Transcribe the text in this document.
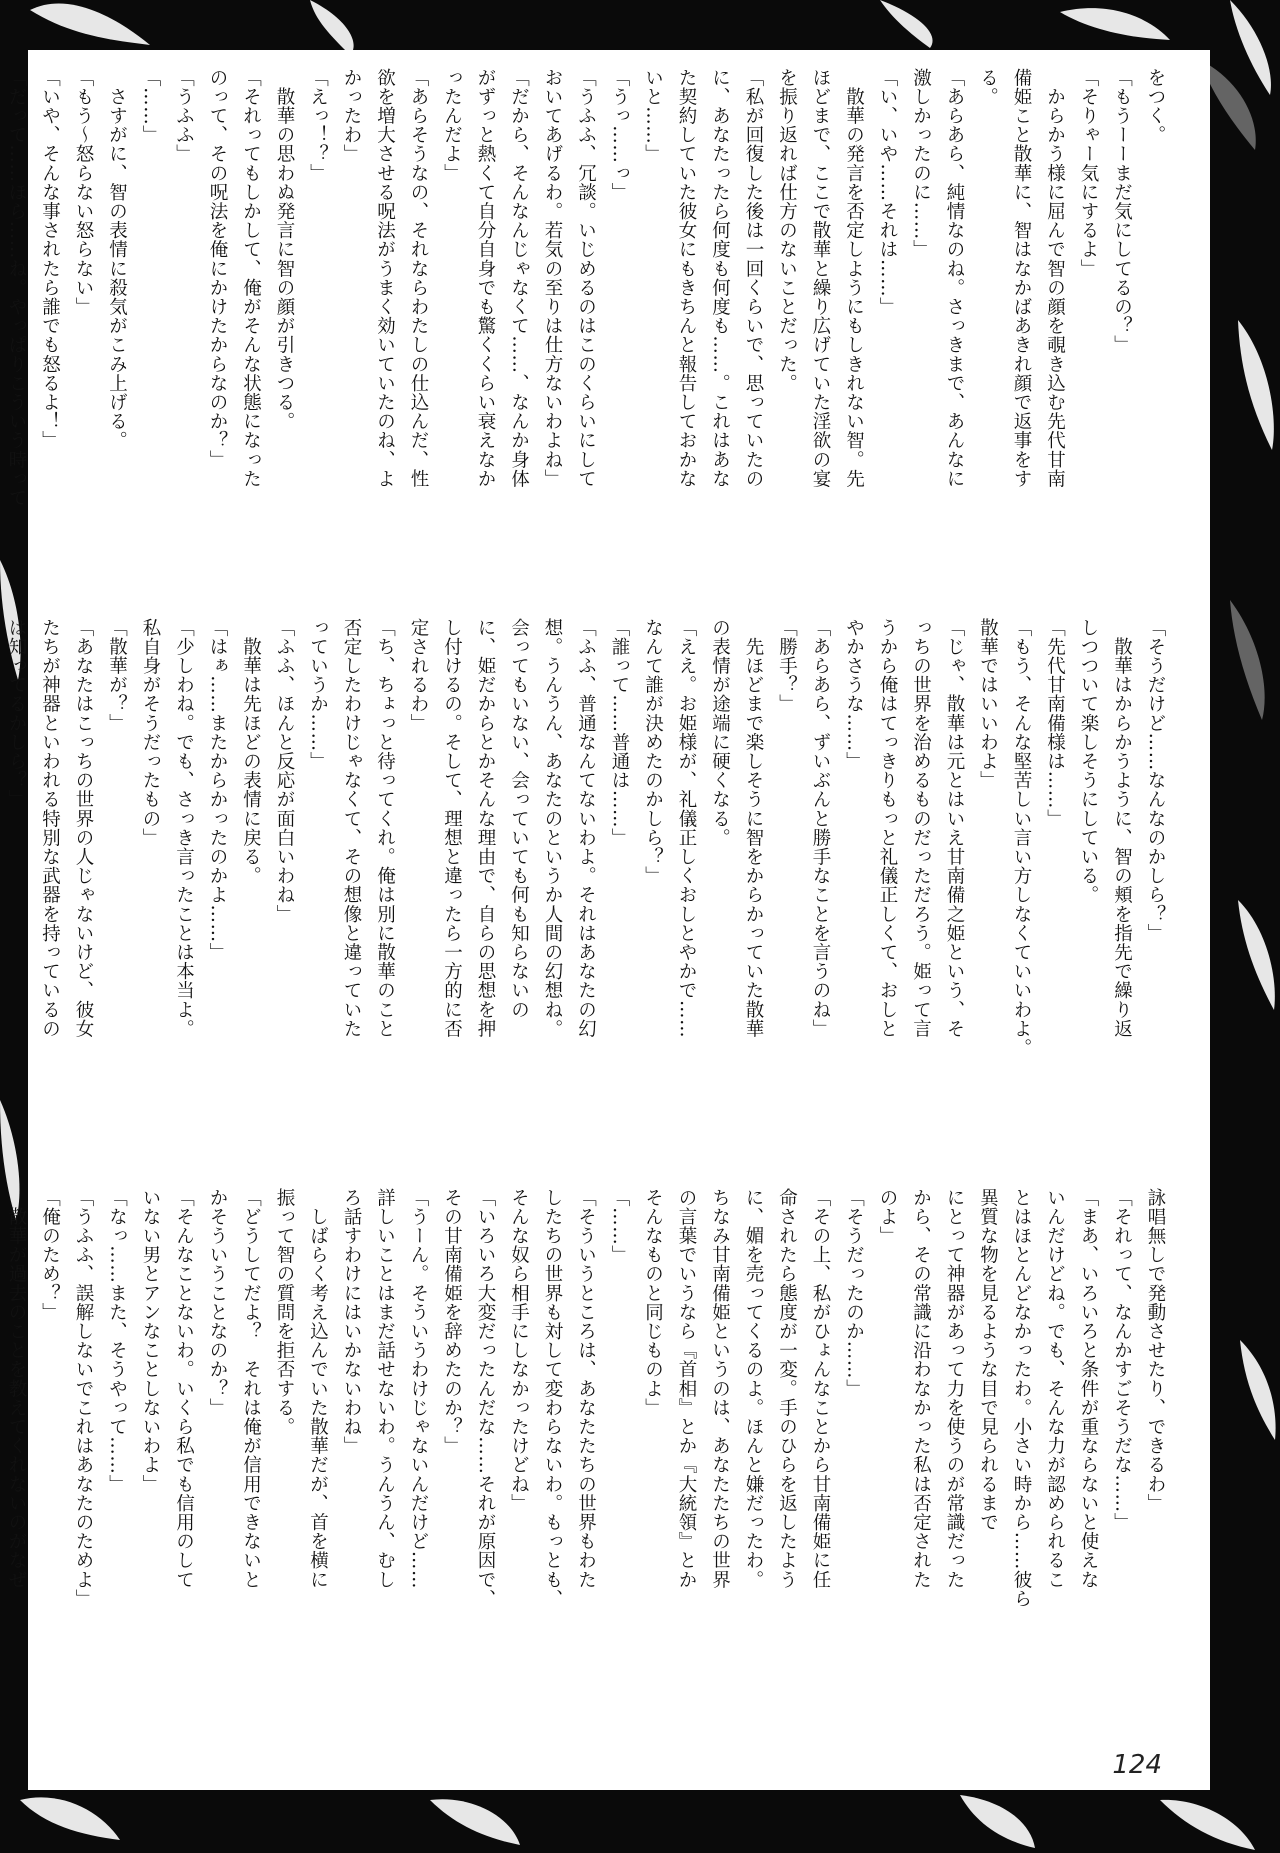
をつく。

「もうーーまだ気にしてるの？」

「そりゃー気にするよ」

　からかう様に屈んで智の顔を覗き込む先代甘南

備姫こと散華に、智はなかばあきれ顔で返事をす

る。

「あらあら、純情なのね。さっきまで、あんなに

激しかったのに……」

「い、いや……それは……」

　散華の発言を否定しようにもしきれない智。先

ほどまで、ここで散華と繰り広げていた淫欲の宴

を振り返れば仕方のないことだった。

「私が回復した後は一回くらいで、思っていたの

に、あなたったら何度も何度も……。これはあな

た契約していた彼女にもきちんと報告しておかな

いと……」

「うっ……っ」

「うふふ、冗談。いじめるのはこのくらいにして

おいてあげるわ。若気の至りは仕方ないわよね」

「だから、そんなんじゃなくて……、なんか身体

がずっと熱くて自分自身でも驚くくらい衰えなか

ったんだよ」

「あらそうなの、それならわたしの仕込んだ、性

欲を増大させる呪法がうまく効いていたのね、よ

かったわ」

「えっ！？」

　散華の思わぬ発言に智の顔が引きつる。

「それってもしかして、俺がそんな状態になった

のって、その呪法を俺にかけたからなのか？」

「うふふ」

「……」

　さすがに、智の表情に殺気がこみ上げる。

「もう～怒らない怒らない」

「いや、そんな事されたら誰でも怒るよ！」

「だって……ほら……ね。やっぱりこういう時って

「そうだけど……なんなのかしら？」

　散華はからかうように、智の頬を指先で繰り返

しつついて楽しそうにしている。

「先代甘南備様は……」

「もう、そんな堅苦しい言い方しなくていいわよ。

散華ではいいわよ」

「じゃ、散華は元とはいえ甘南備之姫という、そ

っちの世界を治めるものだっただろう。姫って言

うから俺はてっきりもっと礼儀正しくて、おしと

やかさうな……」

「あらあら、ずいぶんと勝手なことを言うのね」

「勝手？」

　先ほどまで楽しそうに智をからかっていた散華

の表情が途端に硬くなる。

「ええ。お姫様が、礼儀正しくおしとやかで……

なんて誰が決めたのかしら？」

「誰って……普通は……」

「ふふ、普通なんてないわよ。それはあなたの幻

想。うんうん、あなたのというか人間の幻想ね。

会ってもいない、会っていても何も知らないの

に、姫だからとかそんな理由で、自らの思想を押

し付けるの。そして、理想と違ったら一方的に否

定されるわ」

「ち、ちょっと待ってくれ。俺は別に散華のこと

否定したわけじゃなくて、その想像と違っていた

っていうか……」

「ふふ、ほんと反応が面白いわね」

　散華は先ほどの表情に戻る。

「はぁ……またからかったのかよ……」

「少しわね。でも、さっき言ったことは本当よ。

私自身がそうだったもの」

「散華が？」

「あなたはこっちの世界の人じゃないけど、彼女

たちが神器といわれる特別な武器を持っているの

は知ってるかしら？」

詠唱無しで発動させたり、できるわ」

「それって、なんかすごそうだな……」

「まあ、いろいろと条件が重ならないと使えな

いんだけどね。でも、そんな力が認められるこ

とはほとんどなかったわ。小さい時から……彼ら

異質な物を見るような目で見られるまで

にとって神器があって力を使うのが常識だった

から、その常識に沿わなかった私は否定された

のよ」

「そうだったのか……」

「その上、私がひょんなことから甘南備姫に任

命されたら態度が一変。手のひらを返したよう

に、媚を売ってくるのよ。ほんと嫌だったわ。

ちなみ甘南備姫というのは、あなたたちの世界

の言葉でいうなら『首相』とか『大統領』とか

そんなものと同じものよ」

「……」

「そういうところは、あなたたちの世界もわた

したちの世界も対して変わらないわ。もっとも、

そんな奴ら相手にしなかったけどね」

「いろいろ大変だったんだな……それが原因で、

その甘南備姫を辞めたのか？」

「うーん。そういうわけじゃないんだけど……

詳しいことはまだ話せないわ。うんうん、むし

ろ話すわけにはいかないわね」

　しばらく考え込んでいた散華だが、首を横に

振って智の質問を拒否する。

「どうしてだよ？　それは俺が信用できないと

かそういうことなのか？」

「そんなことないわ。いくら私でも信用のして

いない男とアンなことしないわよ」

「なっ……また、そうやって……」

「うふふ、誤解しないでこれはあなたのためよ」

「俺のため？」

　散華が過去のことを教えてくれないのがなぜ

124
